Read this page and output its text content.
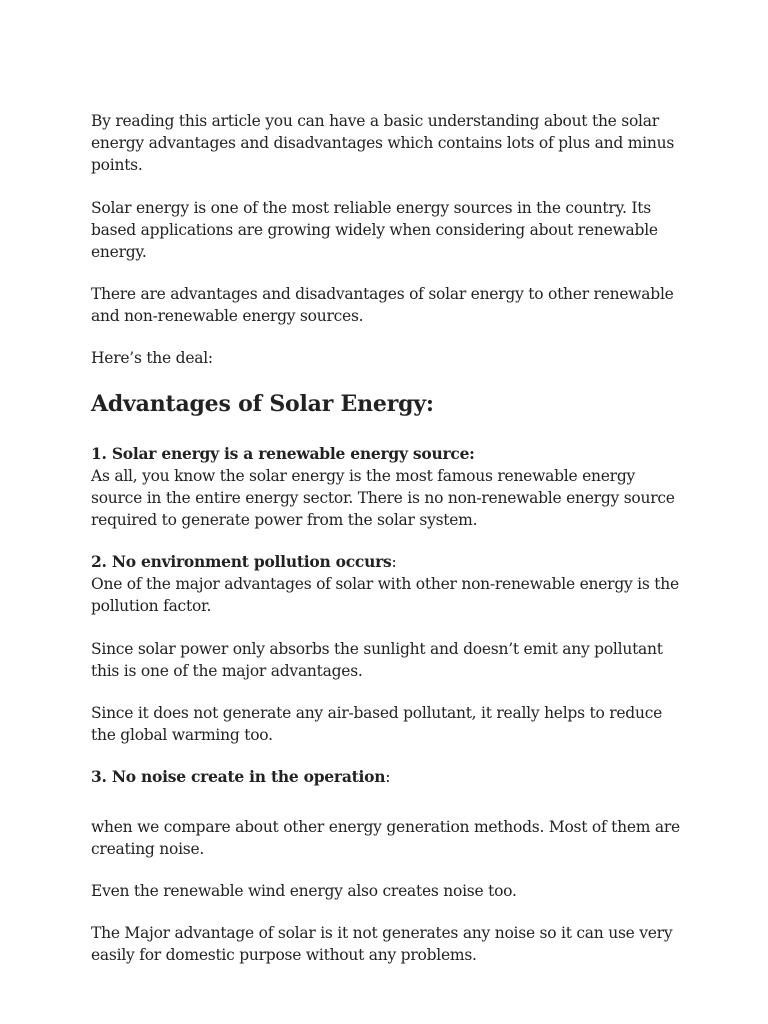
By reading this article you can have a basic understanding about the solar energy advantages and disadvantages which contains lots of plus and minus points.

Solar energy is one of the most reliable energy sources in the country. Its based applications are growing widely when considering about renewable energy.

There are advantages and disadvantages of solar energy to other renewable and non-renewable energy sources.

Here’s the deal:

Advantages of Solar Energy:
1. Solar energy is a renewable energy source:

As all, you know the solar energy is the most famous renewable energy source in the entire energy sector. There is no non-renewable energy source required to generate power from the solar system.

2. No environment pollution occurs:

One of the major advantages of solar with other non-renewable energy is the pollution factor.

Since solar power only absorbs the sunlight and doesn’t emit any pollutant this is one of the major advantages.

Since it does not generate any air-based pollutant, it really helps to reduce the global warming too.

3. No noise create in the operation:

when we compare about other energy generation methods. Most of them are creating noise.

Even the renewable wind energy also creates noise too.

The Major advantage of solar is it not generates any noise so it can use very easily for domestic purpose without any problems.
